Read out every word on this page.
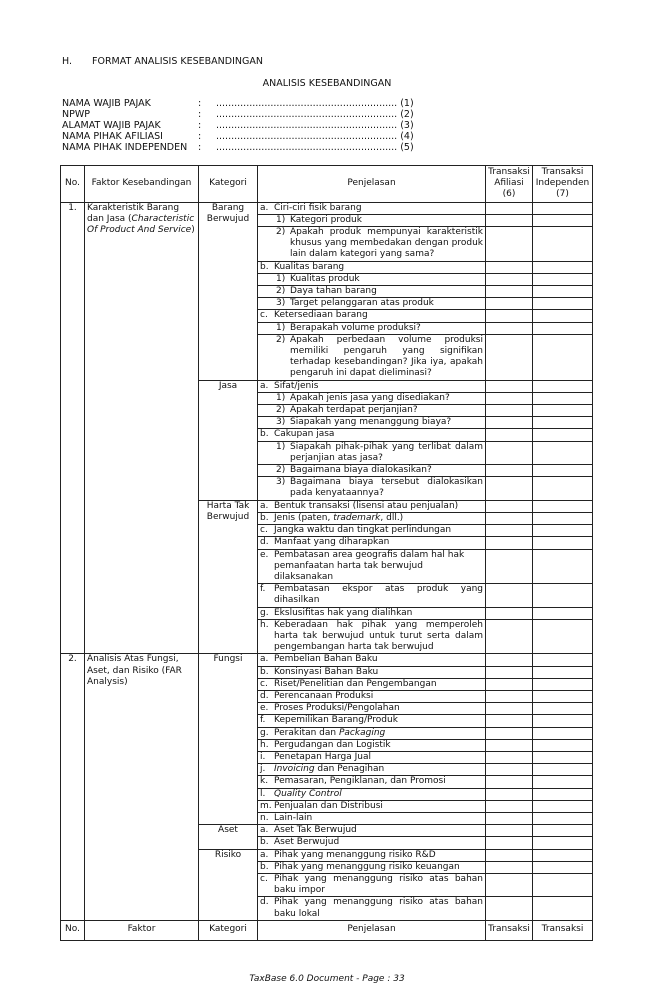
H. FORMAT ANALISIS KESEBANDINGAN
ANALISIS KESEBANDINGAN
NAMA WAJIB PAJAK	: ............................................................ (1)
NPWP	: ............................................................ (2)
ALAMAT WAJIB PAJAK	: ............................................................ (3)
NAMA PIHAK AFILIASI	: ............................................................ (4)
NAMA PIHAK INDEPENDEN : ............................................................ (5)
No.	Faktor Kesebandingan	Kategori	Penjelasan	Transaksi Afiliasi (6)	Transaksi Independen (7)
1.	Karakteristik Barang dan Jasa (Characteristic Of Product And Service)	Barang Berwujud	a. Ciri-ciri fisik barang		

			1) Kategori produk		

			2) Apakah produk mempunyai karakteristik khusus yang membedakan dengan produk lain dalam kategori yang sama?		

			b. Kualitas barang		

			1) Kualitas produk		

			2) Daya tahan barang		

			3) Target pelanggaran atas produk		

			c. Ketersediaan barang		

			1) Berapakah volume produksi?		

			2) Apakah perbedaan volume produksi memiliki pengaruh yang signifikan terhadap kesebandingan? Jika iya, apakah pengaruh ini dapat dieliminasi?		

		Jasa	a. Sifat/jenis		

			1) Apakah jenis jasa yang disediakan?		

			2) Apakah terdapat perjanjian?		

			3) Siapakah yang menanggung biaya?		

			b. Cakupan jasa		

			1) Siapakah pihak-pihak yang terlibat dalam perjanjian atas jasa?		

			2) Bagaimana biaya dialokasikan?		

			3) Bagaimana biaya tersebut dialokasikan pada kenyataannya?		

		Harta Tak Berwujud	a. Bentuk transaksi (lisensi atau penjualan)		

			b. Jenis (paten, trademark, dll.)		

			c. Jangka waktu dan tingkat perlindungan		

			d. Manfaat yang diharapkan		

			e. Pembatasan area geografis dalam hal hak pemanfaatan harta tak berwujud dilaksanakan		

			f. Pembatasan ekspor atas produk yang dihasilkan		

			g. Ekslusifitas hak yang dialihkan		

			h. Keberadaan hak pihak yang memperoleh harta tak berwujud untuk turut serta dalam pengembangan harta tak berwujud		

2.	Analisis Atas Fungsi, Aset, dan Risiko (FAR Analysis)	Fungsi	a. Pembelian Bahan Baku		

			b. Konsinyasi Bahan Baku		

			c. Riset/Penelitian dan Pengembangan		

			d. Perencanaan Produksi		

			e. Proses Produksi/Pengolahan		

			f. Kepemilikan Barang/Produk		

			g. Perakitan dan Packaging		

			h. Pergudangan dan Logistik		

			i. Penetapan Harga Jual		

			j. Invoicing dan Penagihan		

			k. Pemasaran, Pengiklanan, dan Promosi		

			l. Quality Control		

			m. Penjualan dan Distribusi		

			n. Lain-lain		

		Aset	a. Aset Tak Berwujud		

			b. Aset Berwujud		

		Risiko	a. Pihak yang menanggung risiko R&D		

			b. Pihak yang menanggung risiko keuangan		

			c. Pihak yang menanggung risiko atas bahan baku impor		

			d. Pihak yang menanggung risiko atas bahan baku lokal		

No.	Faktor	Kategori	Penjelasan	Transaksi	Transaksi
TaxBase 6.0 Document - Page : 33
